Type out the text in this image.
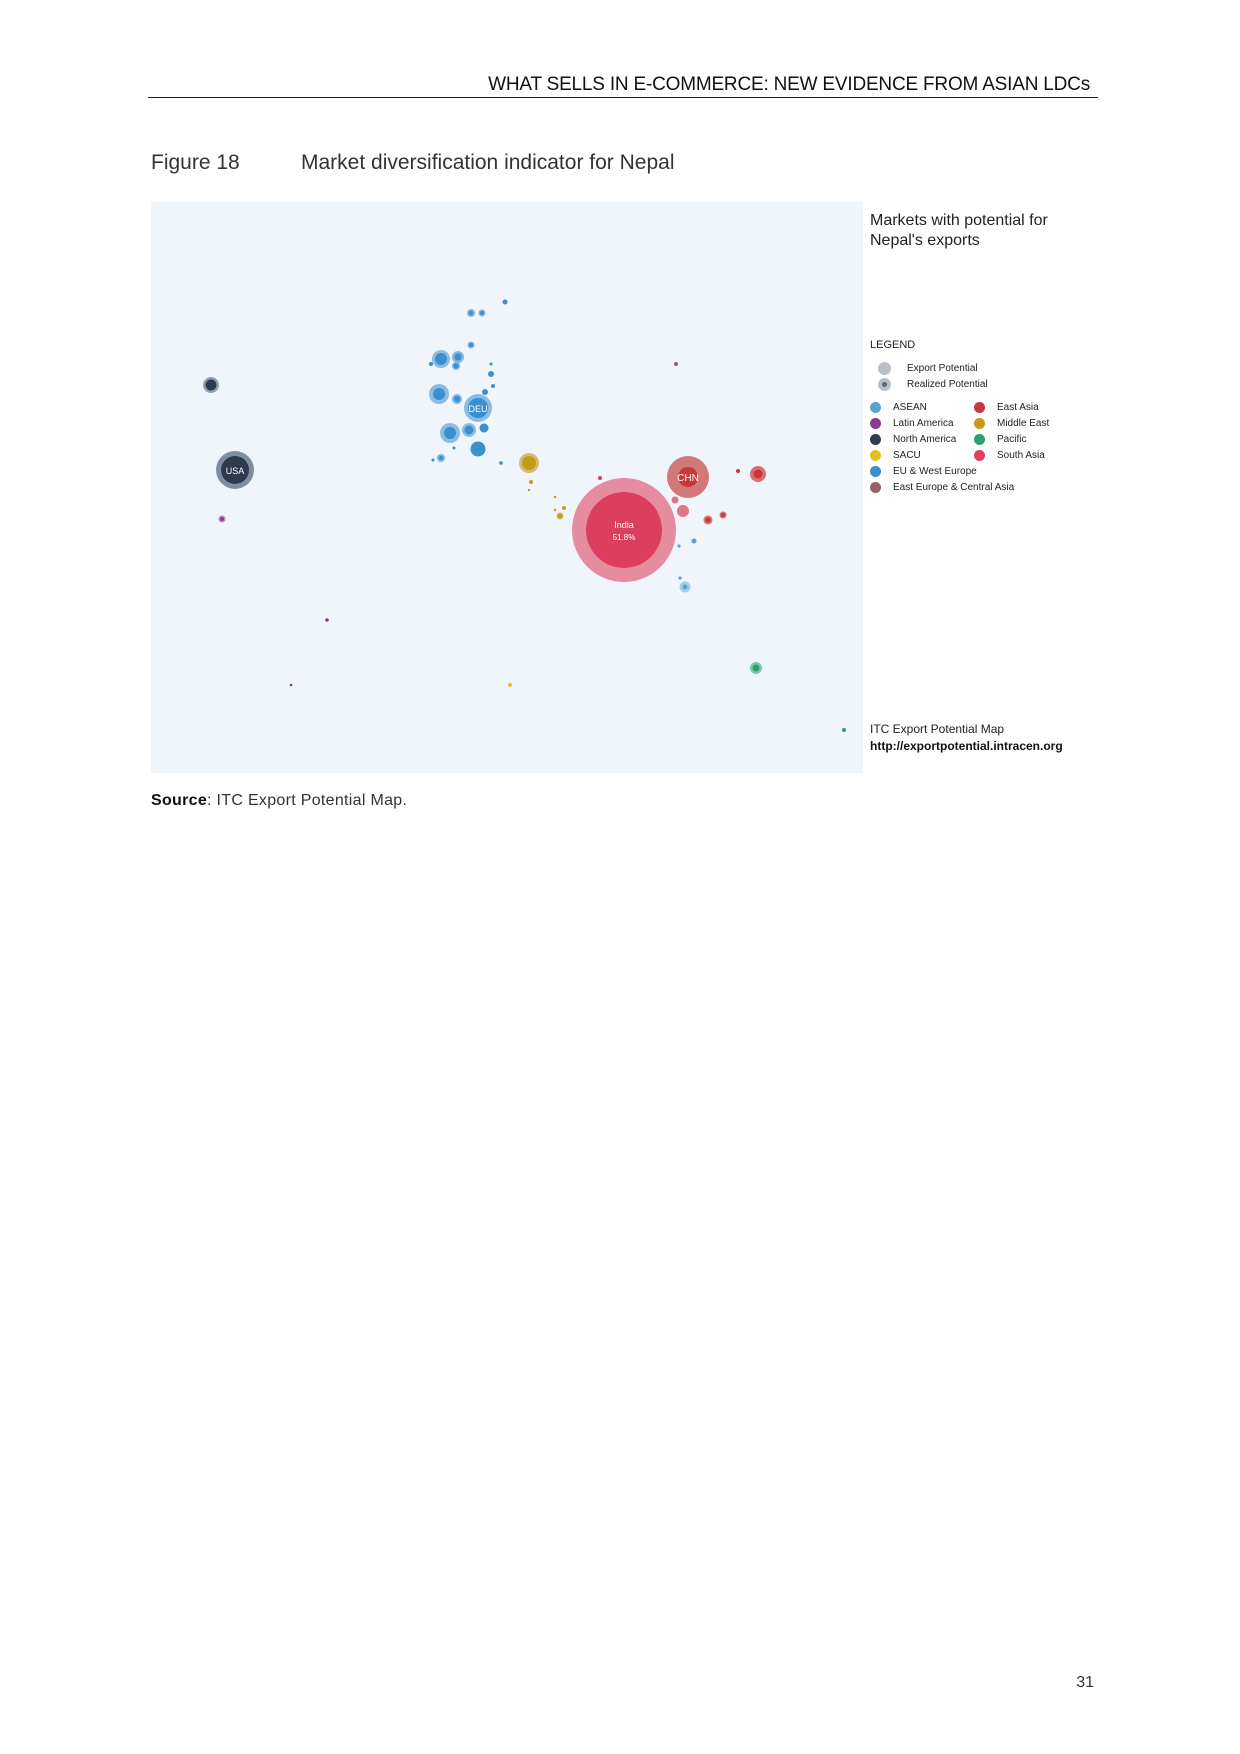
WHAT SELLS IN E-COMMERCE: NEW EVIDENCE FROM ASIAN LDCs
Figure 18	Market diversification indicator for Nepal
India
51.8%
CHN
USA
DEU
Markets with potential for Nepal's exports
LEGEND
Export Potential
Realized Potential
ASEAN	East Asia
Latin America	Middle East
North America	Pacific
SACU	South Asia
EU & West Europe
East Europe & Central Asia
ITC Export Potential Map
http://exportpotential.intracen.org
Source: ITC Export Potential Map.
31
